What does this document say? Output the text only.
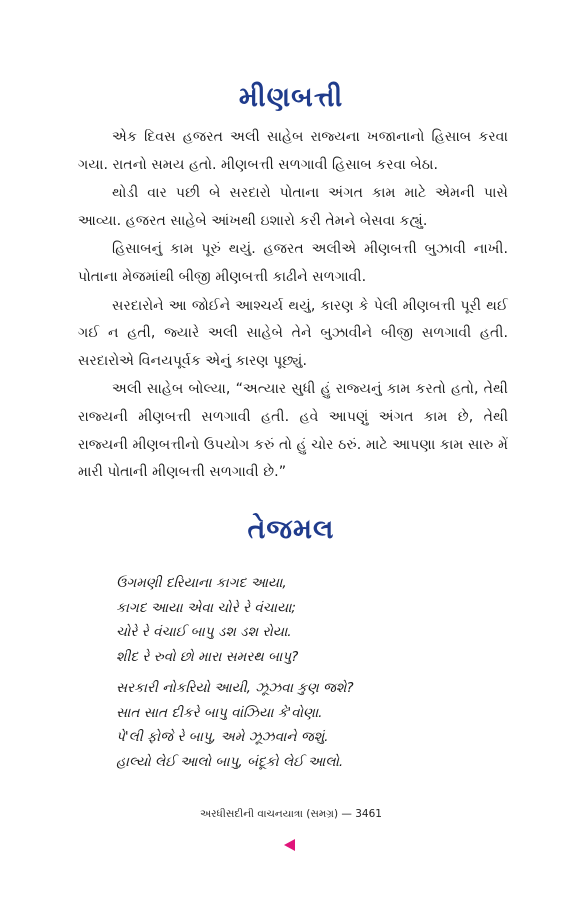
મીણબત્તી

એક દિવસ હજરત અલી સાહેબ રાજ્યના ખજાનાનો હિસાબ કરવા ગયા. રાતનો સમય હતો. મીણબત્તી સળગાવી હિસાબ કરવા બેઠા.

થોડી વાર પછી બે સરદારો પોતાના અંગત કામ માટે એમની પાસે આવ્યા. હજરત સાહેબે આંખથી ઇશારો કરી તેમને બેસવા કહ્યું.

હિસાબનું કામ પૂરું થયું. હજરત અલીએ મીણબત્તી બુઝાવી નાખી. પોતાના મેજમાંથી બીજી મીણબત્તી કાઢીને સળગાવી.

સરદારોને આ જોઈને આશ્ચર્ય થયું, કારણ કે પેલી મીણબત્તી પૂરી થઈ ગઈ ન હતી, જ્યારે અલી સાહેબે તેને બુઝાવીને બીજી સળગાવી હતી. સરદારોએ વિનયપૂર્વક એનું કારણ પૂછ્યું.

અલી સાહેબ બોલ્યા, “અત્યાર સુધી હું રાજ્યનું કામ કરતો હતો, તેથી રાજ્યની મીણબત્તી સળગાવી હતી. હવે આપણું અંગત કામ છે, તેથી રાજ્યની મીણબત્તીનો ઉપયોગ કરું તો હું ચોર ઠરું. માટે આપણા કામ સારુ મેં મારી પોતાની મીણબત્તી સળગાવી છે.”

તેજમલ
ઉગમણી દરિયાના કાગદ આયા,
કાગદ આયા એવા ચોરે રે વંચાયા;
ચોરે રે વંચાઈ બાપુ ડશ ડશ રોયા.
શીદ રે રુવો છો મારા સમરથ બાપુ?
સરકારી નોકરિયો આયી, ઝૂઝવા કુણ જશે?
સાત સાત દીકરે બાપુ વાંઝિયા કે'વોણા.
પે'લી ફોજે રે બાપુ, અમે ઝૂઝવાને જશું.
હાલ્યો લેઈ આલો બાપુ, બંદૂકો લેઈ આલો.
અરધીસદીની વાચનયાત્રા (સમગ્ર) — 3461
